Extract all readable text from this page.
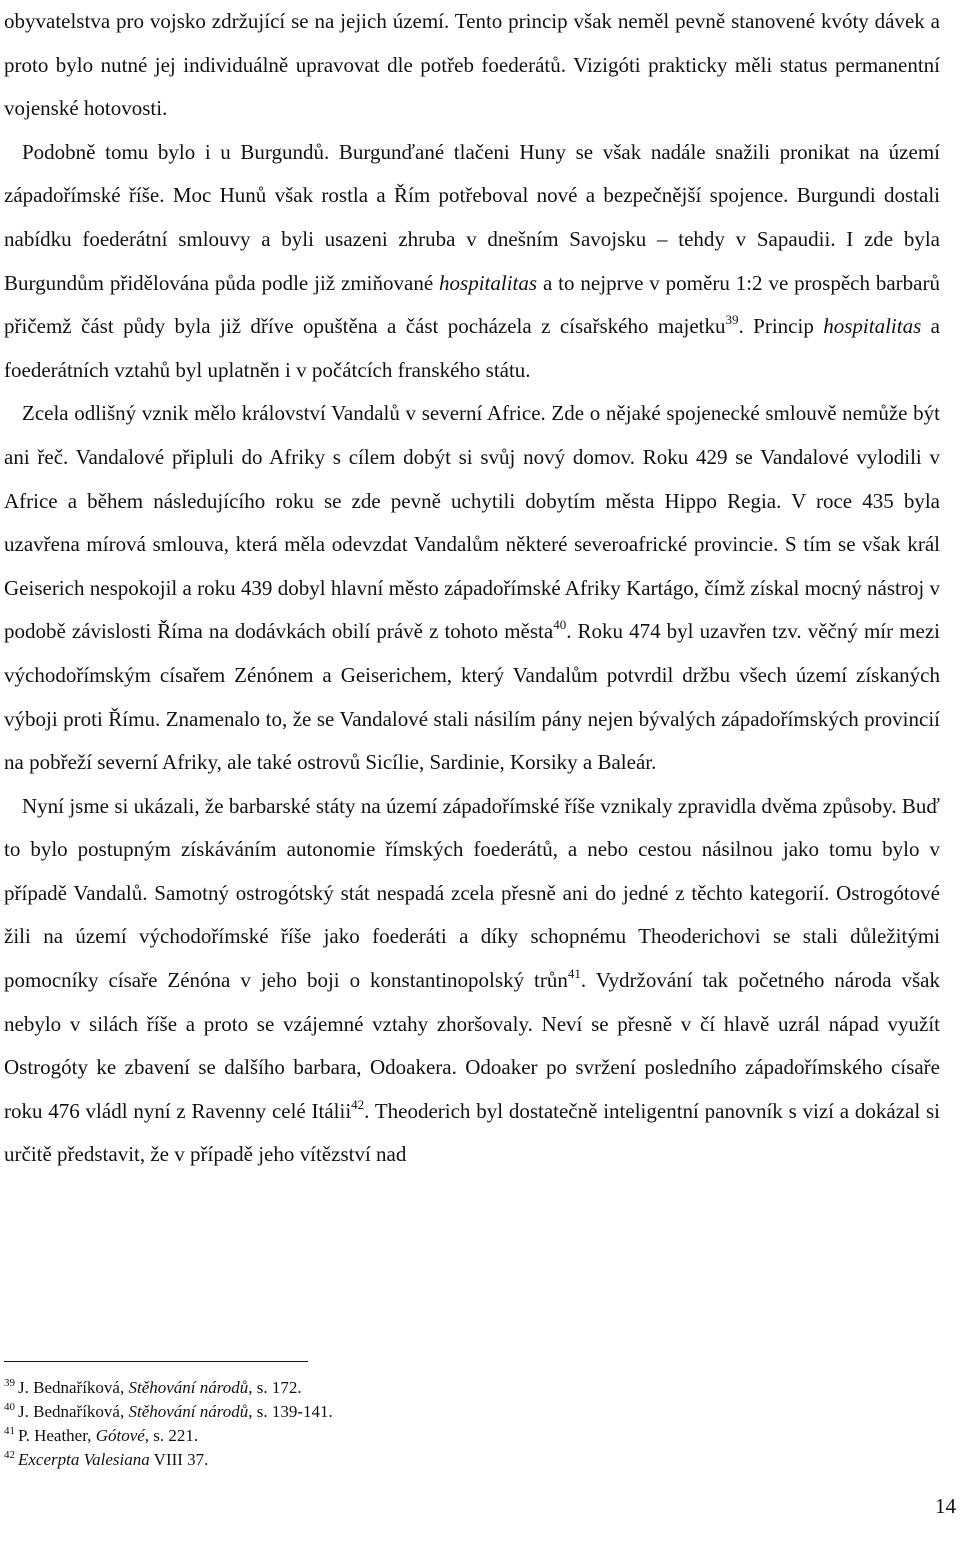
obyvatelstva pro vojsko zdržující se na jejich území. Tento princip však neměl pevně stanovené kvóty dávek a proto bylo nutné jej individuálně upravovat dle potřeb foederátů. Vizigóti prakticky měli status permanentní vojenské hotovosti.

Podobně tomu bylo i u Burgundů. Burgunďané tlačeni Huny se však nadále snažili pronikat na území západořímské říše. Moc Hunů však rostla a Řím potřeboval nové a bezpečnější spojence. Burgundi dostali nabídku foederátní smlouvy a byli usazeni zhruba v dnešním Savojsku – tehdy v Sapaudii. I zde byla Burgundům přidělována půda podle již zmiňované hospitalitas a to nejprve v poměru 1:2 ve prospěch barbarů přičemž část půdy byla již dříve opuštěna a část pocházela z císařského majetku$^{39}$. Princip hospitalitas a foederátních vztahů byl uplatněn i v počátcích franského státu.

Zcela odlišný vznik mělo království Vandalů v severní Africe. Zde o nějaké spojenecké smlouvě nemůže být ani řeč. Vandalové připluli do Afriky s cílem dobýt si svůj nový domov. Roku 429 se Vandalové vylodili v Africe a během následujícího roku se zde pevně uchytili dobytím města Hippo Regia. V roce 435 byla uzavřena mírová smlouva, která měla odevzdat Vandalům některé severoafrické provincie. S tím se však král Geiserich nespokojil a roku 439 dobyl hlavní město západořímské Afriky Kartágo, čímž získal mocný nástroj v podobě závislosti Říma na dodávkách obilí právě z tohoto města$^{40}$. Roku 474 byl uzavřen tzv. věčný mír mezi východořímským císařem Zénónem a Geiserichem, který Vandalům potvrdil držbu všech území získaných výboji proti Římu. Znamenalo to, že se Vandalové stali násilím pány nejen bývalých západořímských provincií na pobřeží severní Afriky, ale také ostrovů Sicílie, Sardinie, Korsiky a Baleár.

Nyní jsme si ukázali, že barbarské státy na území západořímské říše vznikaly zpravidla dvěma způsoby. Buď to bylo postupným získáváním autonomie římských foederátů, a nebo cestou násilnou jako tomu bylo v případě Vandalů. Samotný ostrogótský stát nespadá zcela přesně ani do jedné z těchto kategorií. Ostrogótové žili na území východořímské říše jako foederáti a díky schopnému Theoderichovi se stali důležitými pomocníky císaře Zénóna v jeho boji o konstantinopolský trůn$^{41}$. Vydržování tak početného národa však nebylo v silách říše a proto se vzájemné vztahy zhoršovaly. Neví se přesně v čí hlavě uzrál nápad využít Ostrogóty ke zbavení se dalšího barbara, Odoakera. Odoaker po svržení posledního západořímského císaře roku 476 vládl nyní z Ravenny celé Itálii$^{42}$. Theoderich byl dostatečně inteligentní panovník s vizí a dokázal si určitě představit, že v případě jeho vítězství nad

$^{39}$ J. Bednaříková, Stěhování národů, s. 172.
$^{40}$ J. Bednaříková, Stěhování národů, s. 139-141.
$^{41}$ P. Heather, Gótové, s. 221.
$^{42}$ Excerpta Valesiana VIII 37.
14
